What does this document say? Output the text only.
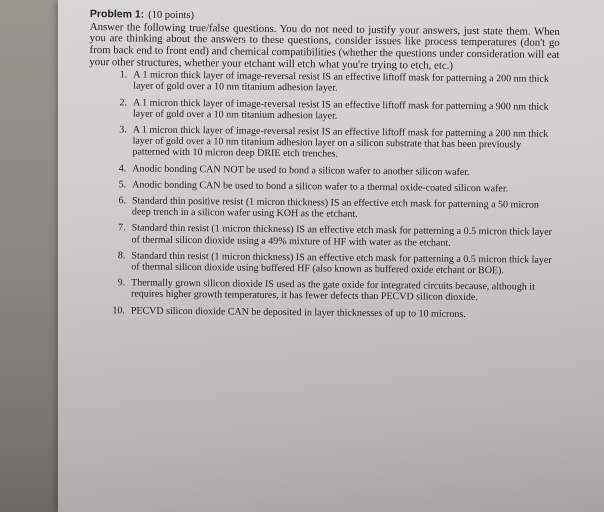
Problem 1: (10 points)
Answer the following true/false questions. You do not need to justify your answers, just state them. When you are thinking about the answers to these questions, consider issues like process temperatures (don't go from back end to front end) and chemical compatibilities (whether the questions under consideration will eat your other structures, whether your etchant will etch what you're trying to etch, etc.)
1. A 1 micron thick layer of image-reversal resist IS an effective liftoff mask for patterning a 200 nm thick layer of gold over a 10 nm titanium adhesion layer.
2. A 1 micron thick layer of image-reversal resist IS an effective liftoff mask for patterning a 900 nm thick layer of gold over a 10 nm titanium adhesion layer.
3. A 1 micron thick layer of image-reversal resist IS an effective liftoff mask for patterning a 200 nm thick layer of gold over a 10 nm titanium adhesion layer on a silicon substrate that has been previously patterned with 10 micron deep DRIE etch trenches.
4. Anodic bonding CAN NOT be used to bond a silicon wafer to another silicon wafer.
5. Anodic bonding CAN be used to bond a silicon wafer to a thermal oxide-coated silicon wafer.
6. Standard thin positive resist (1 micron thickness) IS an effective etch mask for patterning a 50 micron deep trench in a silicon wafer using KOH as the etchant.
7. Standard thin resist (1 micron thickness) IS an effective etch mask for patterning a 0.5 micron thick layer of thermal silicon dioxide using a 49% mixture of HF with water as the etchant.
8. Standard thin resist (1 micron thickness) IS an effective etch mask for patterning a 0.5 micron thick layer of thermal silicon dioxide using buffered HF (also known as buffered oxide etchant or BOE).
9. Thermally grown silicon dioxide IS used as the gate oxide for integrated circuits because, although it requires higher growth temperatures, it has fewer defects than PECVD silicon dioxide.
10. PECVD silicon dioxide CAN be deposited in layer thicknesses of up to 10 microns.
